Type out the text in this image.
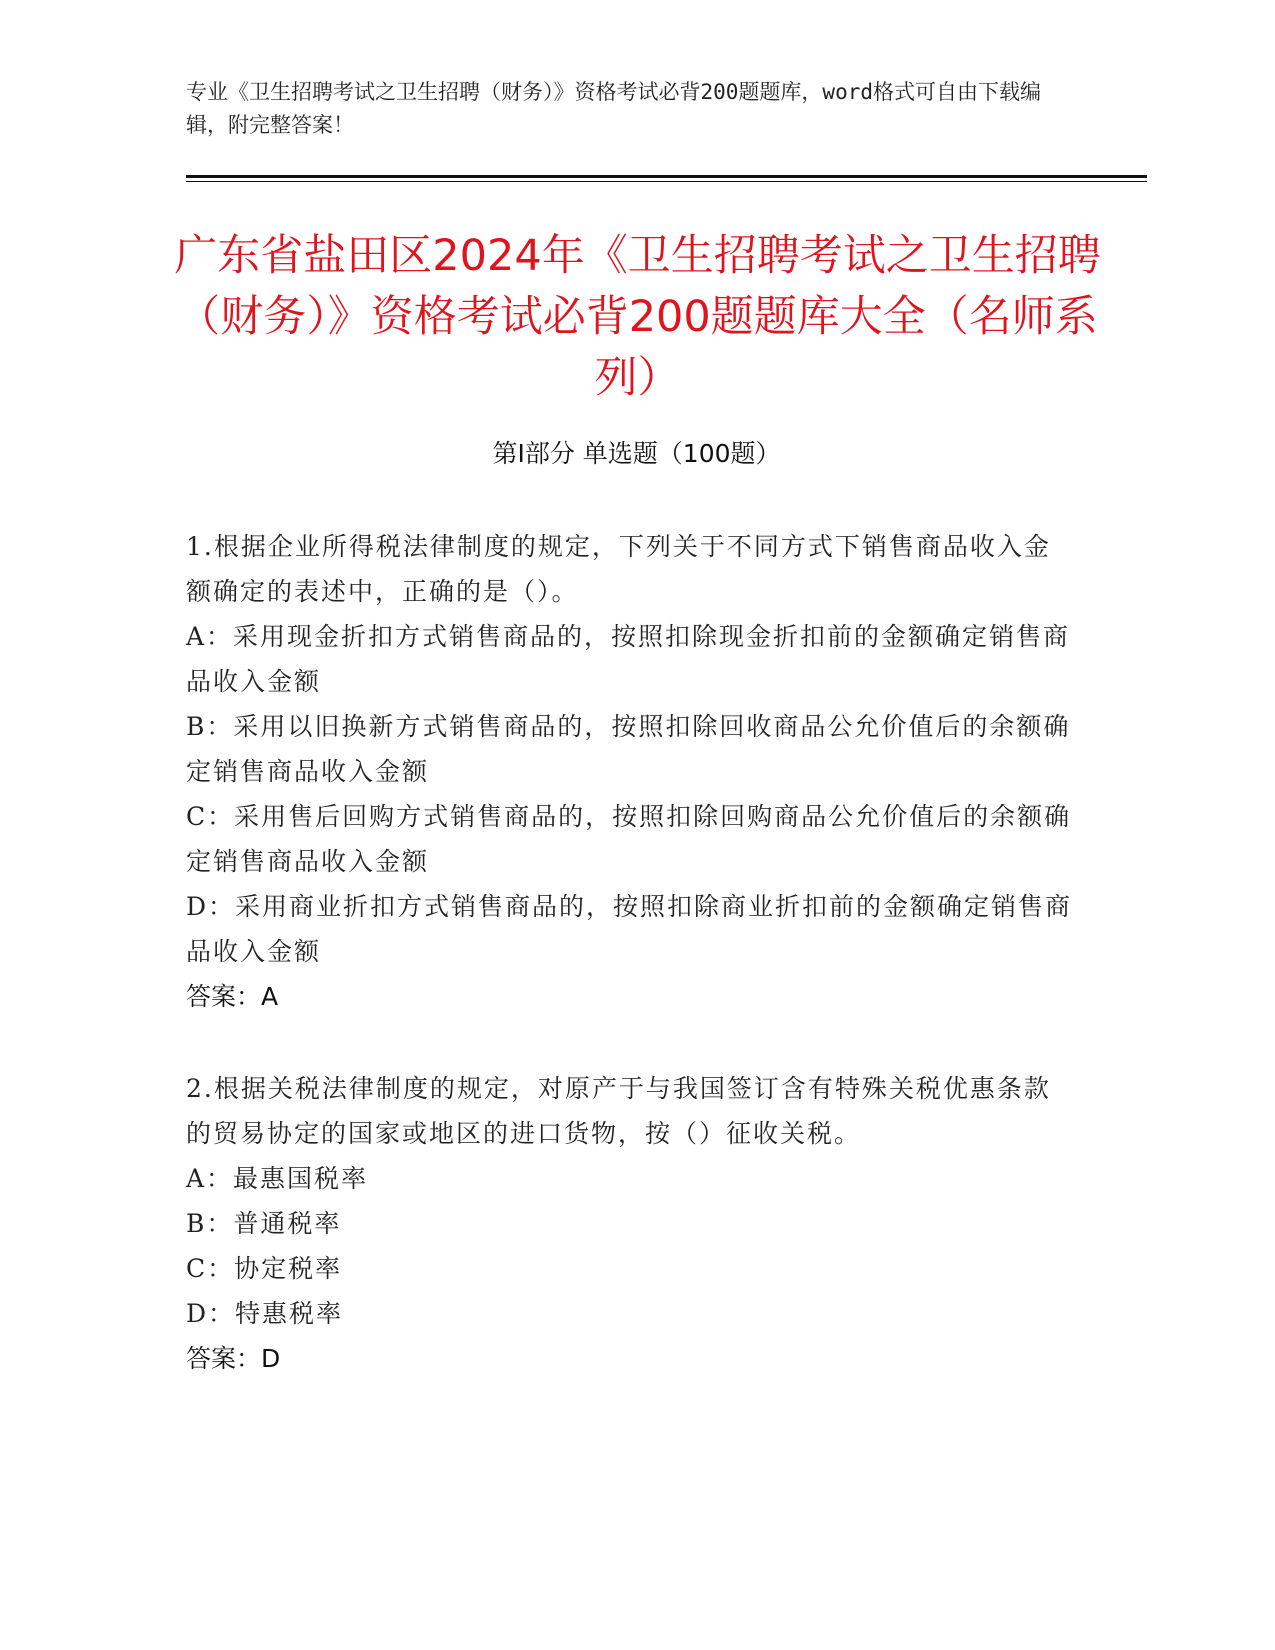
专业《卫生招聘考试之卫生招聘（财务）》资格考试必背200题题库，word格式可自由下载编辑，附完整答案！
广东省盐田区2024年《卫生招聘考试之卫生招聘（财务）》资格考试必背200题题库大全（名师系列）
第I部分 单选题（100题）

1.根据企业所得税法律制度的规定，下列关于不同方式下销售商品收入金额确定的表述中，正确的是（）。

A：采用现金折扣方式销售商品的，按照扣除现金折扣前的金额确定销售商品收入金额

B：采用以旧换新方式销售商品的，按照扣除回收商品公允价值后的余额确定销售商品收入金额

C：采用售后回购方式销售商品的，按照扣除回购商品公允价值后的余额确定销售商品收入金额

D：采用商业折扣方式销售商品的，按照扣除商业折扣前的金额确定销售商品收入金额

答案：A

2.根据关税法律制度的规定，对原产于与我国签订含有特殊关税优惠条款的贸易协定的国家或地区的进口货物，按（）征收关税。

A：最惠国税率

B：普通税率

C：协定税率

D：特惠税率

答案：D
